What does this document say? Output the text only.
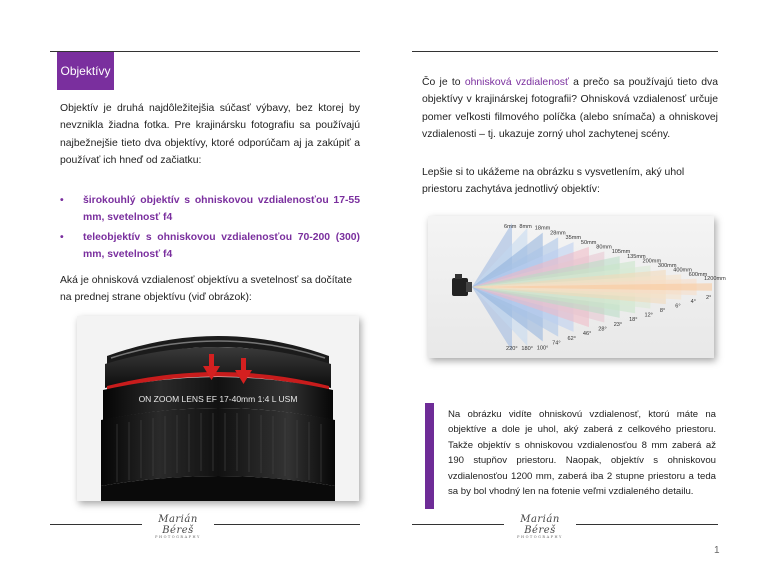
Objektívy

Objektív je druhá najdôležitejšia súčasť výbavy, bez ktorej by nevznikla žiadna fotka. Pre krajinársku fotografiu sa používajú najbežnejšie tieto dva objektívy, ktoré odporúčam aj ja zakúpiť a používať ich hneď od začiatku:

• širokouhlý objektív s ohniskovou vzdialenosťou 17-55 mm, svetelnosť f4
• teleobjektív s ohniskovou vzdialenosťou 70-200 (300) mm, svetelnosť f4

Aká je ohnisková vzdialenosť objektívu a svetelnosť sa dočítate na prednej strane objektívu (viď obrázok):

ON ZOOM LENS EF 17-40mm 1:4 L USM

Čo je to ohnisková vzdialenosť a prečo sa používajú tieto dva objektívy v krajinárskej fotografii? Ohnisková vzdialenosť určuje pomer veľkosti filmového políčka (alebo snímača) a ohniskovej vzdialenosti – tj. ukazuje zorný uhol zachytenej scény.

Lepšie si to ukážeme na obrázku s vysvetlením, aký uhol priestoru zachytáva jednotlivý objektív:

6mm 8mm 18mm
28mm
35mm
50mm
80mm
105mm
135mm
200mm
300mm
400mm
600mm
1200mm
220° 180° 100°
74°
62°
46°
28°
23°
18°
12°
8°
6°
4°
2°

Na obrázku vidíte ohniskovú vzdialenosť, ktorú máte na objektíve a dole je uhol, aký zaberá z celkového priestoru. Takže objektív s ohniskovou vzdialenosťou 8 mm zaberá až 190 stupňov priestoru. Naopak, objektív s ohniskovou vzdialenosťou 1200 mm, zaberá iba 2 stupne priestoru a teda sa by bol vhodný len na fotenie veľmi vzdialeného detailu.

Marián Béreš
PHOTOGRAPHY
Marián Béreš
PHOTOGRAPHY
1
